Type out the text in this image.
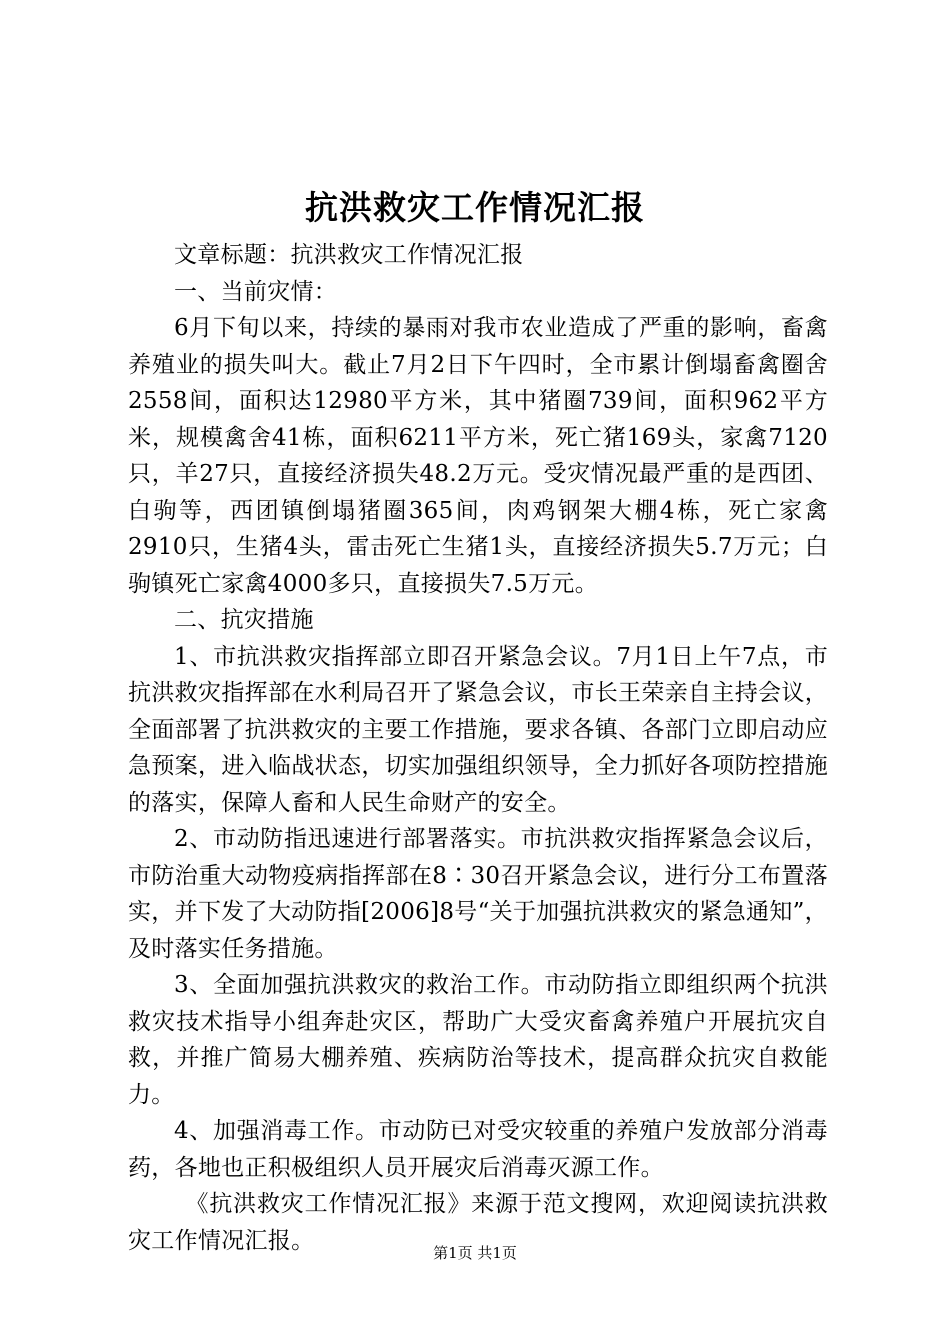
抗洪救灾工作情况汇报

文章标题：抗洪救灾工作情况汇报

一、当前灾情：

6月下旬以来，持续的暴雨对我市农业造成了严重的影响，畜禽养殖业的损失叫大。截止7月2日下午四时，全市累计倒塌畜禽圈舍2558间，面积达12980平方米，其中猪圈739间，面积962平方米，规模禽舍41栋，面积6211平方米，死亡猪169头，家禽7120只，羊27只，直接经济损失48.2万元。受灾情况最严重的是西团、白驹等，西团镇倒塌猪圈365间，肉鸡钢架大棚4栋，死亡家禽2910只，生猪4头，雷击死亡生猪1头，直接经济损失5.7万元；白驹镇死亡家禽4000多只，直接损失7.5万元。

二、抗灾措施

1、市抗洪救灾指挥部立即召开紧急会议。7月1日上午7点，市抗洪救灾指挥部在水利局召开了紧急会议，市长王荣亲自主持会议，全面部署了抗洪救灾的主要工作措施，要求各镇、各部门立即启动应急预案，进入临战状态，切实加强组织领导，全力抓好各项防控措施的落实，保障人畜和人民生命财产的安全。

2、市动防指迅速进行部署落实。市抗洪救灾指挥紧急会议后，市防治重大动物疫病指挥部在8∶30召开紧急会议，进行分工布置落实，并下发了大动防指[2006]8号“关于加强抗洪救灾的紧急通知”，及时落实任务措施。

3、全面加强抗洪救灾的救治工作。市动防指立即组织两个抗洪救灾技术指导小组奔赴灾区，帮助广大受灾畜禽养殖户开展抗灾自救，并推广简易大棚养殖、疾病防治等技术，提高群众抗灾自救能力。

4、加强消毒工作。市动防已对受灾较重的养殖户发放部分消毒药，各地也正积极组织人员开展灾后消毒灭源工作。

《抗洪救灾工作情况汇报》来源于范文搜网，欢迎阅读抗洪救灾工作情况汇报。	第1页 共1页
